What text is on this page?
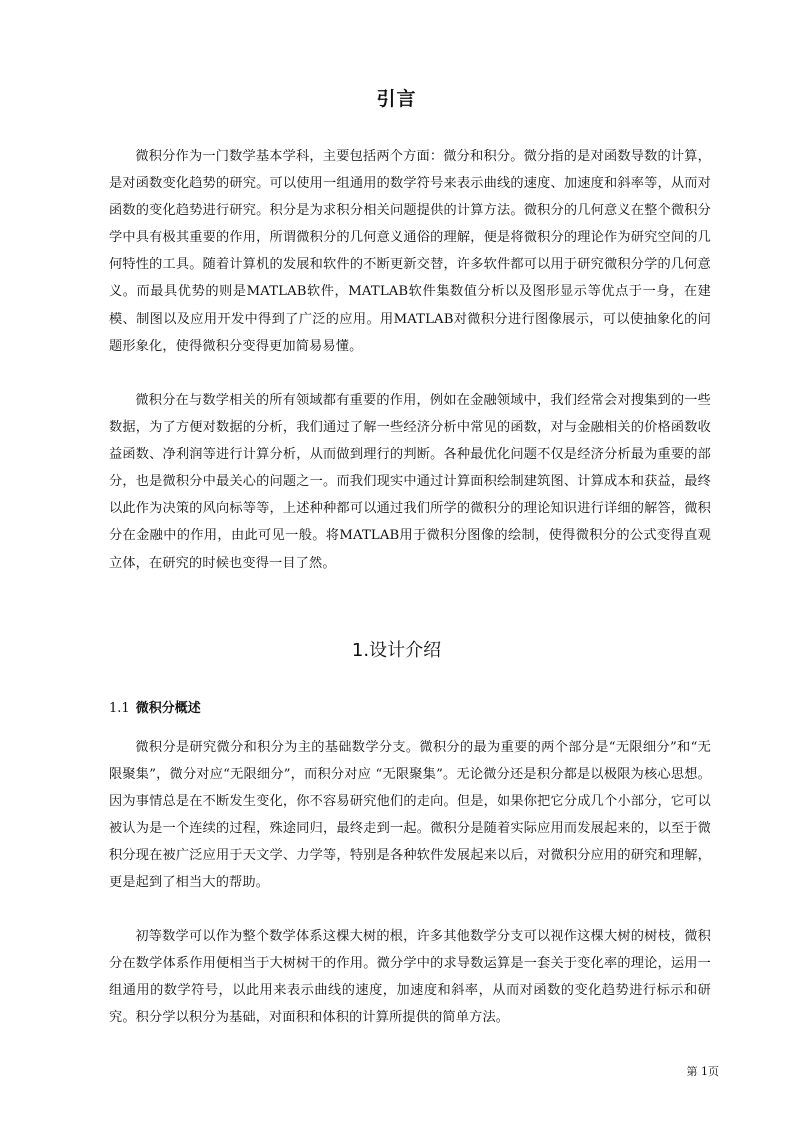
引言

微积分作为一门数学基本学科，主要包括两个方面：微分和积分。微分指的是对函数导数的计算，是对函数变化趋势的研究。可以使用一组通用的数学符号来表示曲线的速度、加速度和斜率等，从而对函数的变化趋势进行研究。积分是为求积分相关问题提供的计算方法。微积分的几何意义在整个微积分学中具有极其重要的作用，所谓微积分的几何意义通俗的理解，便是将微积分的理论作为研究空间的几何特性的工具。随着计算机的发展和软件的不断更新交替，许多软件都可以用于研究微积分学的几何意义。而最具优势的则是MATLAB软件，MATLAB软件集数值分析以及图形显示等优点于一身，在建模、制图以及应用开发中得到了广泛的应用。用MATLAB对微积分进行图像展示，可以使抽象化的问题形象化，使得微积分变得更加简易易懂。

微积分在与数学相关的所有领域都有重要的作用，例如在金融领域中，我们经常会对搜集到的一些数据，为了方便对数据的分析，我们通过了解一些经济分析中常见的函数，对与金融相关的价格函数收益函数、净利润等进行计算分析，从而做到理行的判断。各种最优化问题不仅是经济分析最为重要的部分，也是微积分中最关心的问题之一。而我们现实中通过计算面积绘制建筑图、计算成本和获益，最终以此作为决策的风向标等等，上述种种都可以通过我们所学的微积分的理论知识进行详细的解答，微积分在金融中的作用，由此可见一般。将MATLAB用于微积分图像的绘制，使得微积分的公式变得直观立体，在研究的时候也变得一目了然。

1.设计介绍
1.1 微积分概述

微积分是研究微分和积分为主的基础数学分支。微积分的最为重要的两个部分是“无限细分”和“无限聚集”，微分对应“无限细分”，而积分对应 “无限聚集”。无论微分还是积分都是以极限为核心思想。因为事情总是在不断发生变化，你不容易研究他们的走向。但是，如果你把它分成几个小部分，它可以被认为是一个连续的过程，殊途同归，最终走到一起。微积分是随着实际应用而发展起来的，以至于微积分现在被广泛应用于天文学、力学等，特别是各种软件发展起来以后，对微积分应用的研究和理解，更是起到了相当大的帮助。

初等数学可以作为整个数学体系这棵大树的根，许多其他数学分支可以视作这棵大树的树枝，微积分在数学体系作用便相当于大树树干的作用。微分学中的求导数运算是一套关于变化率的理论，运用一组通用的数学符号，以此用来表示曲线的速度，加速度和斜率，从而对函数的变化趋势进行标示和研究。积分学以积分为基础，对面积和体积的计算所提供的简单方法。

第 1页
